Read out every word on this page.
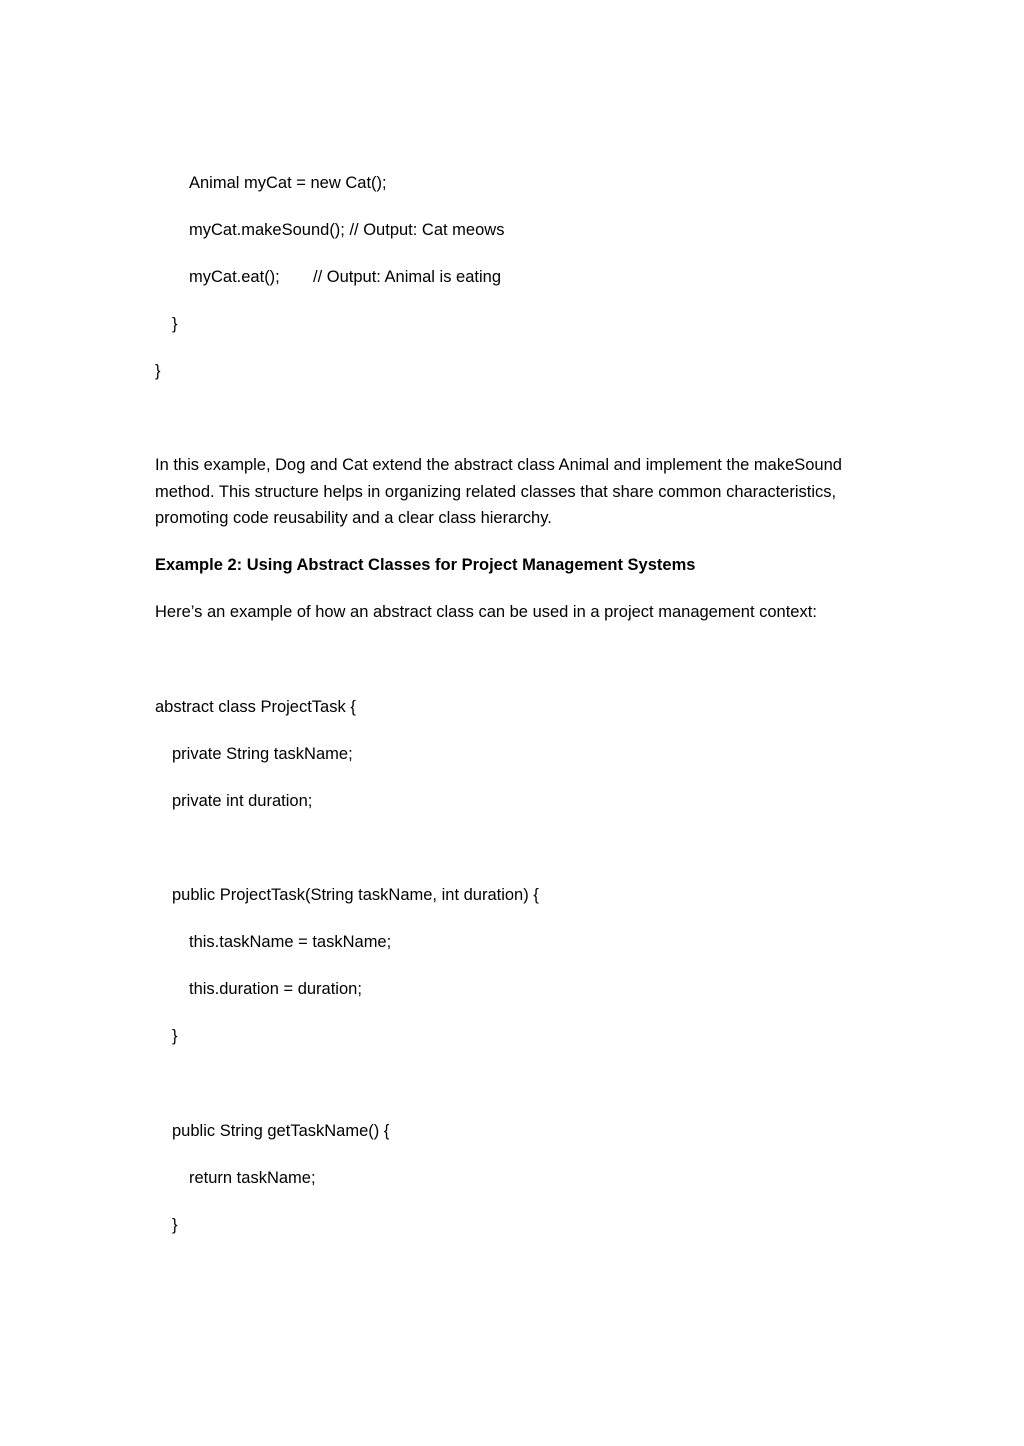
Animal myCat = new Cat();
myCat.makeSound(); // Output: Cat meows
myCat.eat(); // Output: Animal is eating
}
}
In this example, Dog and Cat extend the abstract class Animal and implement the makeSound method. This structure helps in organizing related classes that share common characteristics, promoting code reusability and a clear class hierarchy.
Example 2: Using Abstract Classes for Project Management Systems
Here’s an example of how an abstract class can be used in a project management context:
abstract class ProjectTask {
private String taskName;
private int duration;
public ProjectTask(String taskName, int duration) {
this.taskName = taskName;
this.duration = duration;
}
public String getTaskName() {
return taskName;
}
